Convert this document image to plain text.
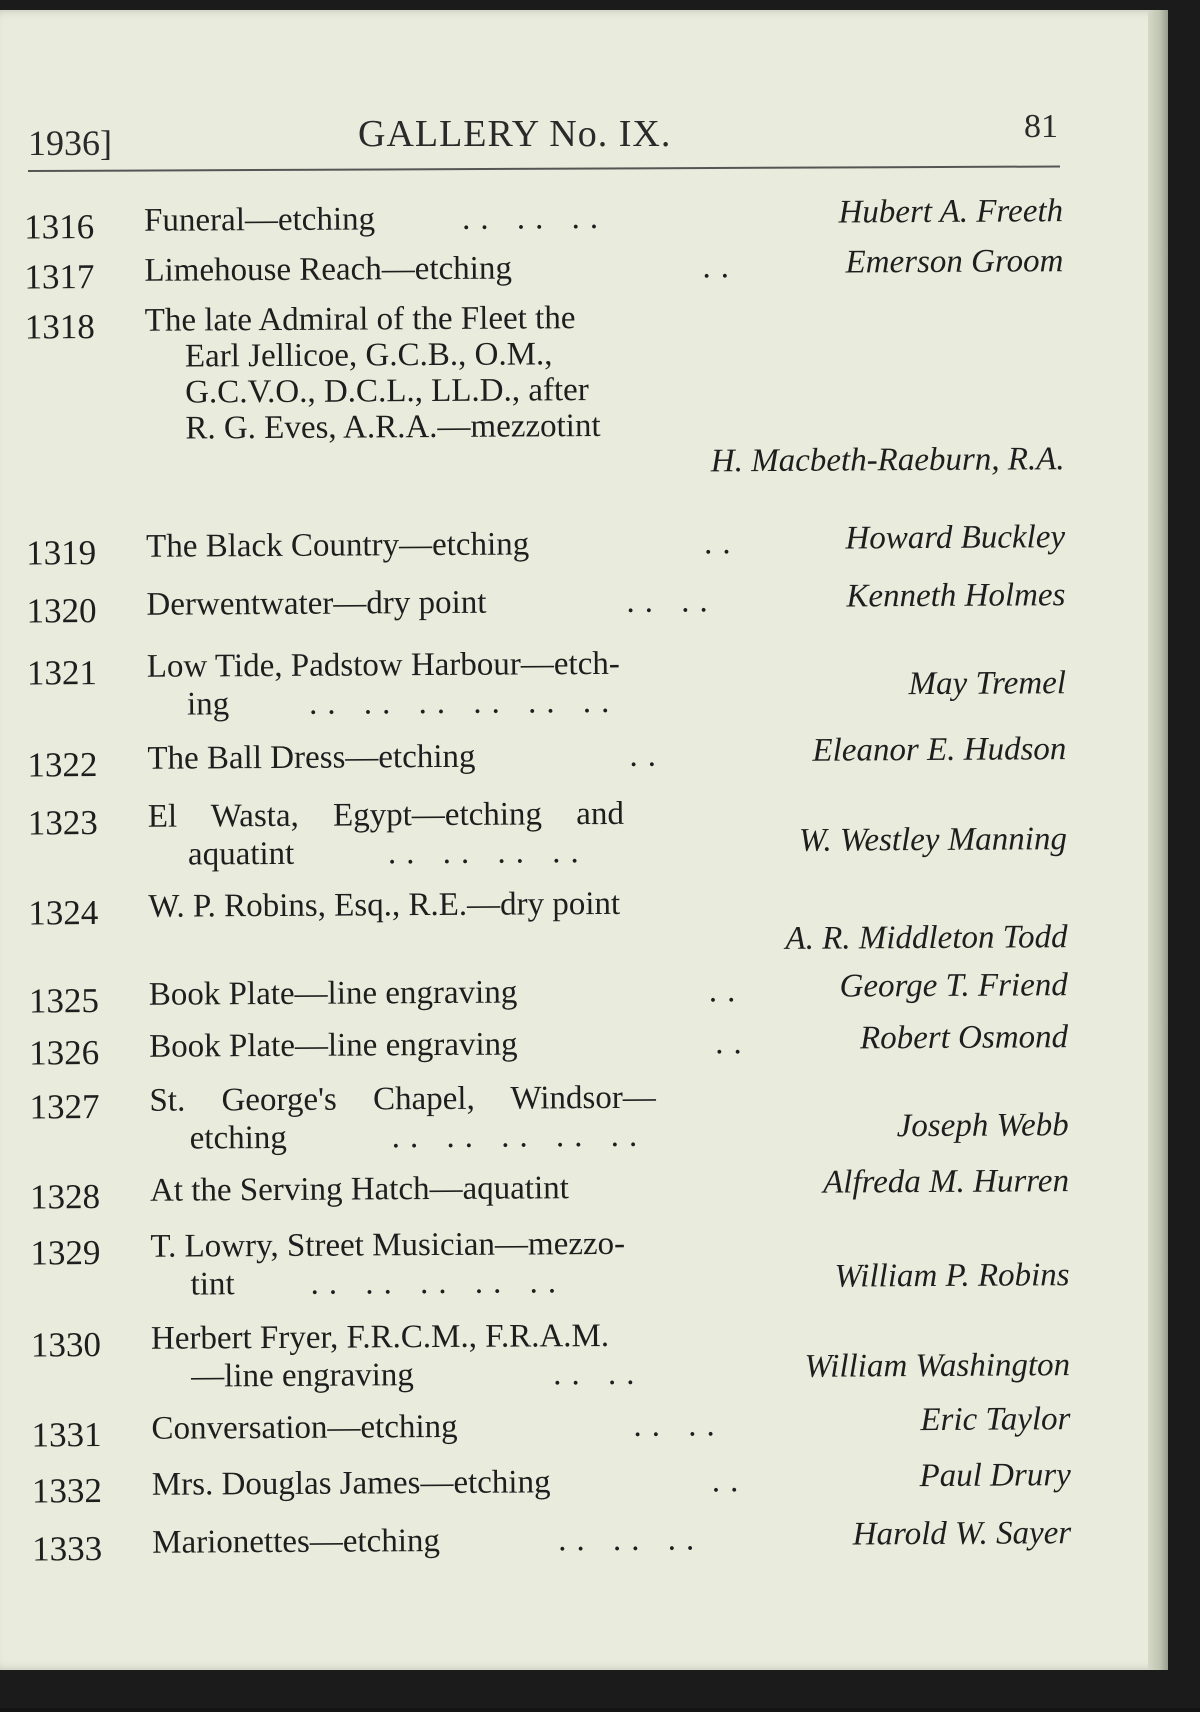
1936]	GALLERY No. IX.	81
1316 Funeral—etching	.. .. ..	Hubert A. Freeth
1317 Limehouse Reach—etching	..	Emerson Groom
1318 The late Admiral of the Fleet the
Earl Jellicoe, G.C.B., O.M.,
G.C.V.O., D.C.L., LL.D., after
R. G. Eves, A.R.A.—mezzotint
H. Macbeth-Raeburn, R.A.
1319 The Black Country—etching	..	Howard Buckley
1320 Derwentwater—dry point	.. ..	Kenneth Holmes
1321 Low Tide, Padstow Harbour—etch-
ing .. .. .. .. .. ..
May Tremel
1322 The Ball Dress—etching	..	Eleanor E. Hudson
1323 El Wasta, Egypt—etching and
aquatint	.. .. .. ..	W. Westley Manning
1324 W. P. Robins, Esq., R.E.—dry point
A. R. Middleton Todd
1325 Book Plate—line engraving	..	George T. Friend
1326 Book Plate—line engraving	..	Robert Osmond
1327 St. George's Chapel, Windsor—
etching	.. .. .. .. ..	Joseph Webb
1328 At the Serving Hatch—aquatint	Alfreda M. Hurren
1329 T. Lowry, Street Musician—mezzo-
tint .. .. .. .. ..	William P. Robins
1330 Herbert Fryer, F.R.C.M., F.R.A.M.
—line engraving	.. ..	William Washington
1331 Conversation—etching	.. ..	Eric Taylor
1332 Mrs. Douglas James—etching	..	Paul Drury
1333 Marionettes—etching	.. .. ..	Harold W. Sayer
